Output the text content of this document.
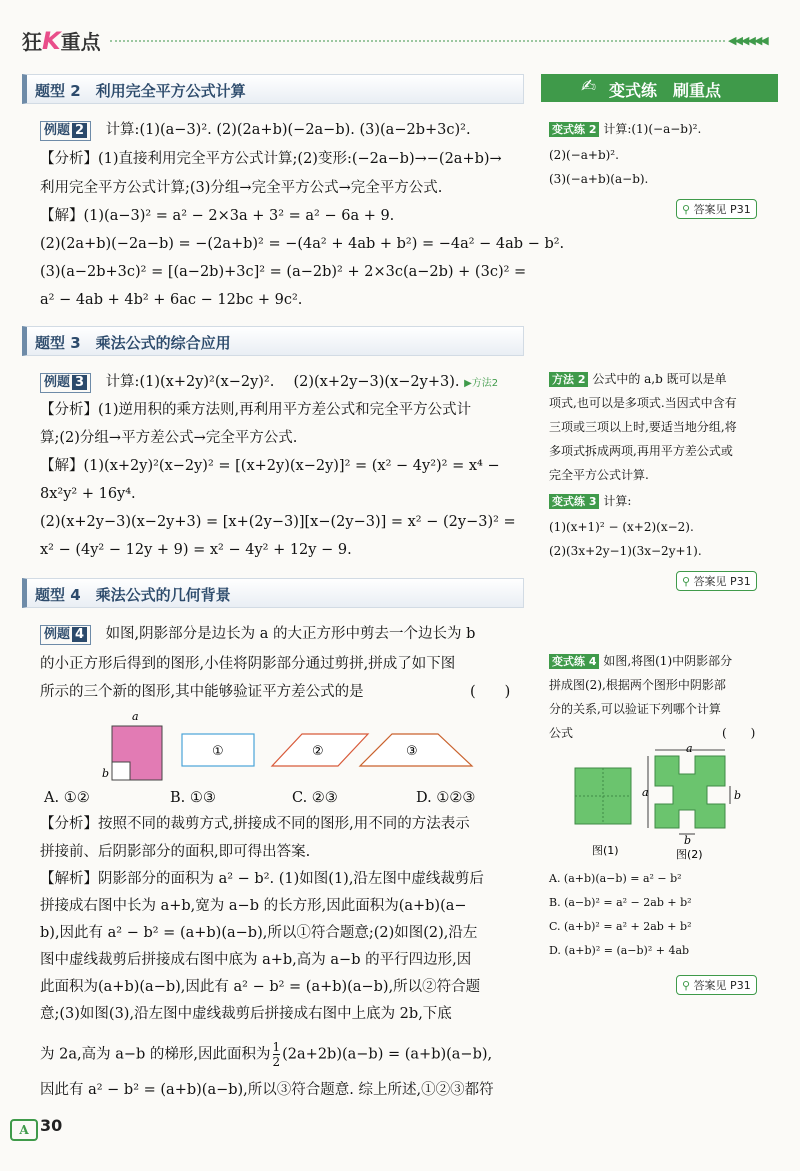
狂K重点	◀◀◀◀◀◀
题型 2　利用完全平方公式计算
例题 2　 计算:(1)(a−3)². (2)(2a+b)(−2a−b). (3)(a−2b+3c)².
【分析】(1)直接利用完全平方公式计算;(2)变形:(−2a−b)→−(2a+b)→
利用完全平方公式计算;(3)分组→完全平方公式→完全平方公式.
【解】(1)(a−3)² = a² − 2×3a + 3² = a² − 6a + 9.
(2)(2a+b)(−2a−b) = −(2a+b)² = −(4a² + 4ab + b²) = −4a² − 4ab − b².
(3)(a−2b+3c)² = [(a−2b)+3c]² = (a−2b)² + 2×3c(a−2b) + (3c)² =
a² − 4ab + 4b² + 6ac − 12bc + 9c².
题型 3　乘法公式的综合应用
例题 3　 计算:(1)(x+2y)²(x−2y)².　 (2)(x+2y−3)(x−2y+3). ▶方法2
【分析】(1)逆用积的乘方法则,再利用平方差公式和完全平方公式计
算;(2)分组→平方差公式→完全平方公式.
【解】(1)(x+2y)²(x−2y)² = [(x+2y)(x−2y)]² = (x² − 4y²)² = x⁴ −
8x²y² + 16y⁴.
(2)(x+2y−3)(x−2y+3) = [x+(2y−3)][x−(2y−3)] = x² − (2y−3)² =
x² − (4y² − 12y + 9) = x² − 4y² + 12y − 9.
题型 4　乘法公式的几何背景
例题 4　 如图,阴影部分是边长为 a 的大正方形中剪去一个边长为 b
的小正方形后得到的图形,小佳将阴影部分通过剪拼,拼成了如下图
所示的三个新的图形,其中能够验证平方差公式的是	(　　)
a
b
①	②	③
A. ①②	B. ①③	C. ②③	D. ①②③
【分析】按照不同的裁剪方式,拼接成不同的图形,用不同的方法表示
拼接前、后阴影部分的面积,即可得出答案.
【解析】阴影部分的面积为 a² − b². (1)如图(1),沿左图中虚线裁剪后
拼接成右图中长为 a+b,宽为 a−b 的长方形,因此面积为(a+b)(a−
b),因此有 a² − b² = (a+b)(a−b),所以①符合题意;(2)如图(2),沿左
图中虚线裁剪后拼接成右图中底为 a+b,高为 a−b 的平行四边形,因
此面积为(a+b)(a−b),因此有 a² − b² = (a+b)(a−b),所以②符合题
意;(3)如图(3),沿左图中虚线裁剪后拼接成右图中上底为 2b,下底
为 2a,高为 a−b 的梯形,因此面积为 $\frac{1}{2} (2a+2b)(a-b) = (a+b)(a-b)$,
因此有 a² − b² = (a+b)(a−b),所以③符合题意. 综上所述,①②③都符
✍ 变式练　刷重点
变式练 2 计算:(1)(−a−b)².
(2)(−a+b)².
(3)(−a+b)(a−b).
⚲ 答案见 P31
方法 2 公式中的 a,b 既可以是单
项式,也可以是多项式.当因式中含有
三项或三项以上时,要适当地分组,将
多项式拆成两项,再用平方差公式或
完全平方公式计算.
变式练 3 计算:
(1)(x+1)² − (x+2)(x−2).
(2)(3x+2y−1)(3x−2y+1).
⚲ 答案见 P31
变式练 4 如图,将图(1)中阴影部分
拼成图(2),根据两个图形中阴影部
分的关系,可以验证下列哪个计算
公式	(　　)
图(1)
a
a	b
b
图(2)
A. (a+b)(a−b) = a² − b²
B. (a−b)² = a² − 2ab + b²
C. (a+b)² = a² + 2ab + b²
D. (a+b)² = (a−b)² + 4ab
⚲ 答案见 P31
A 30
